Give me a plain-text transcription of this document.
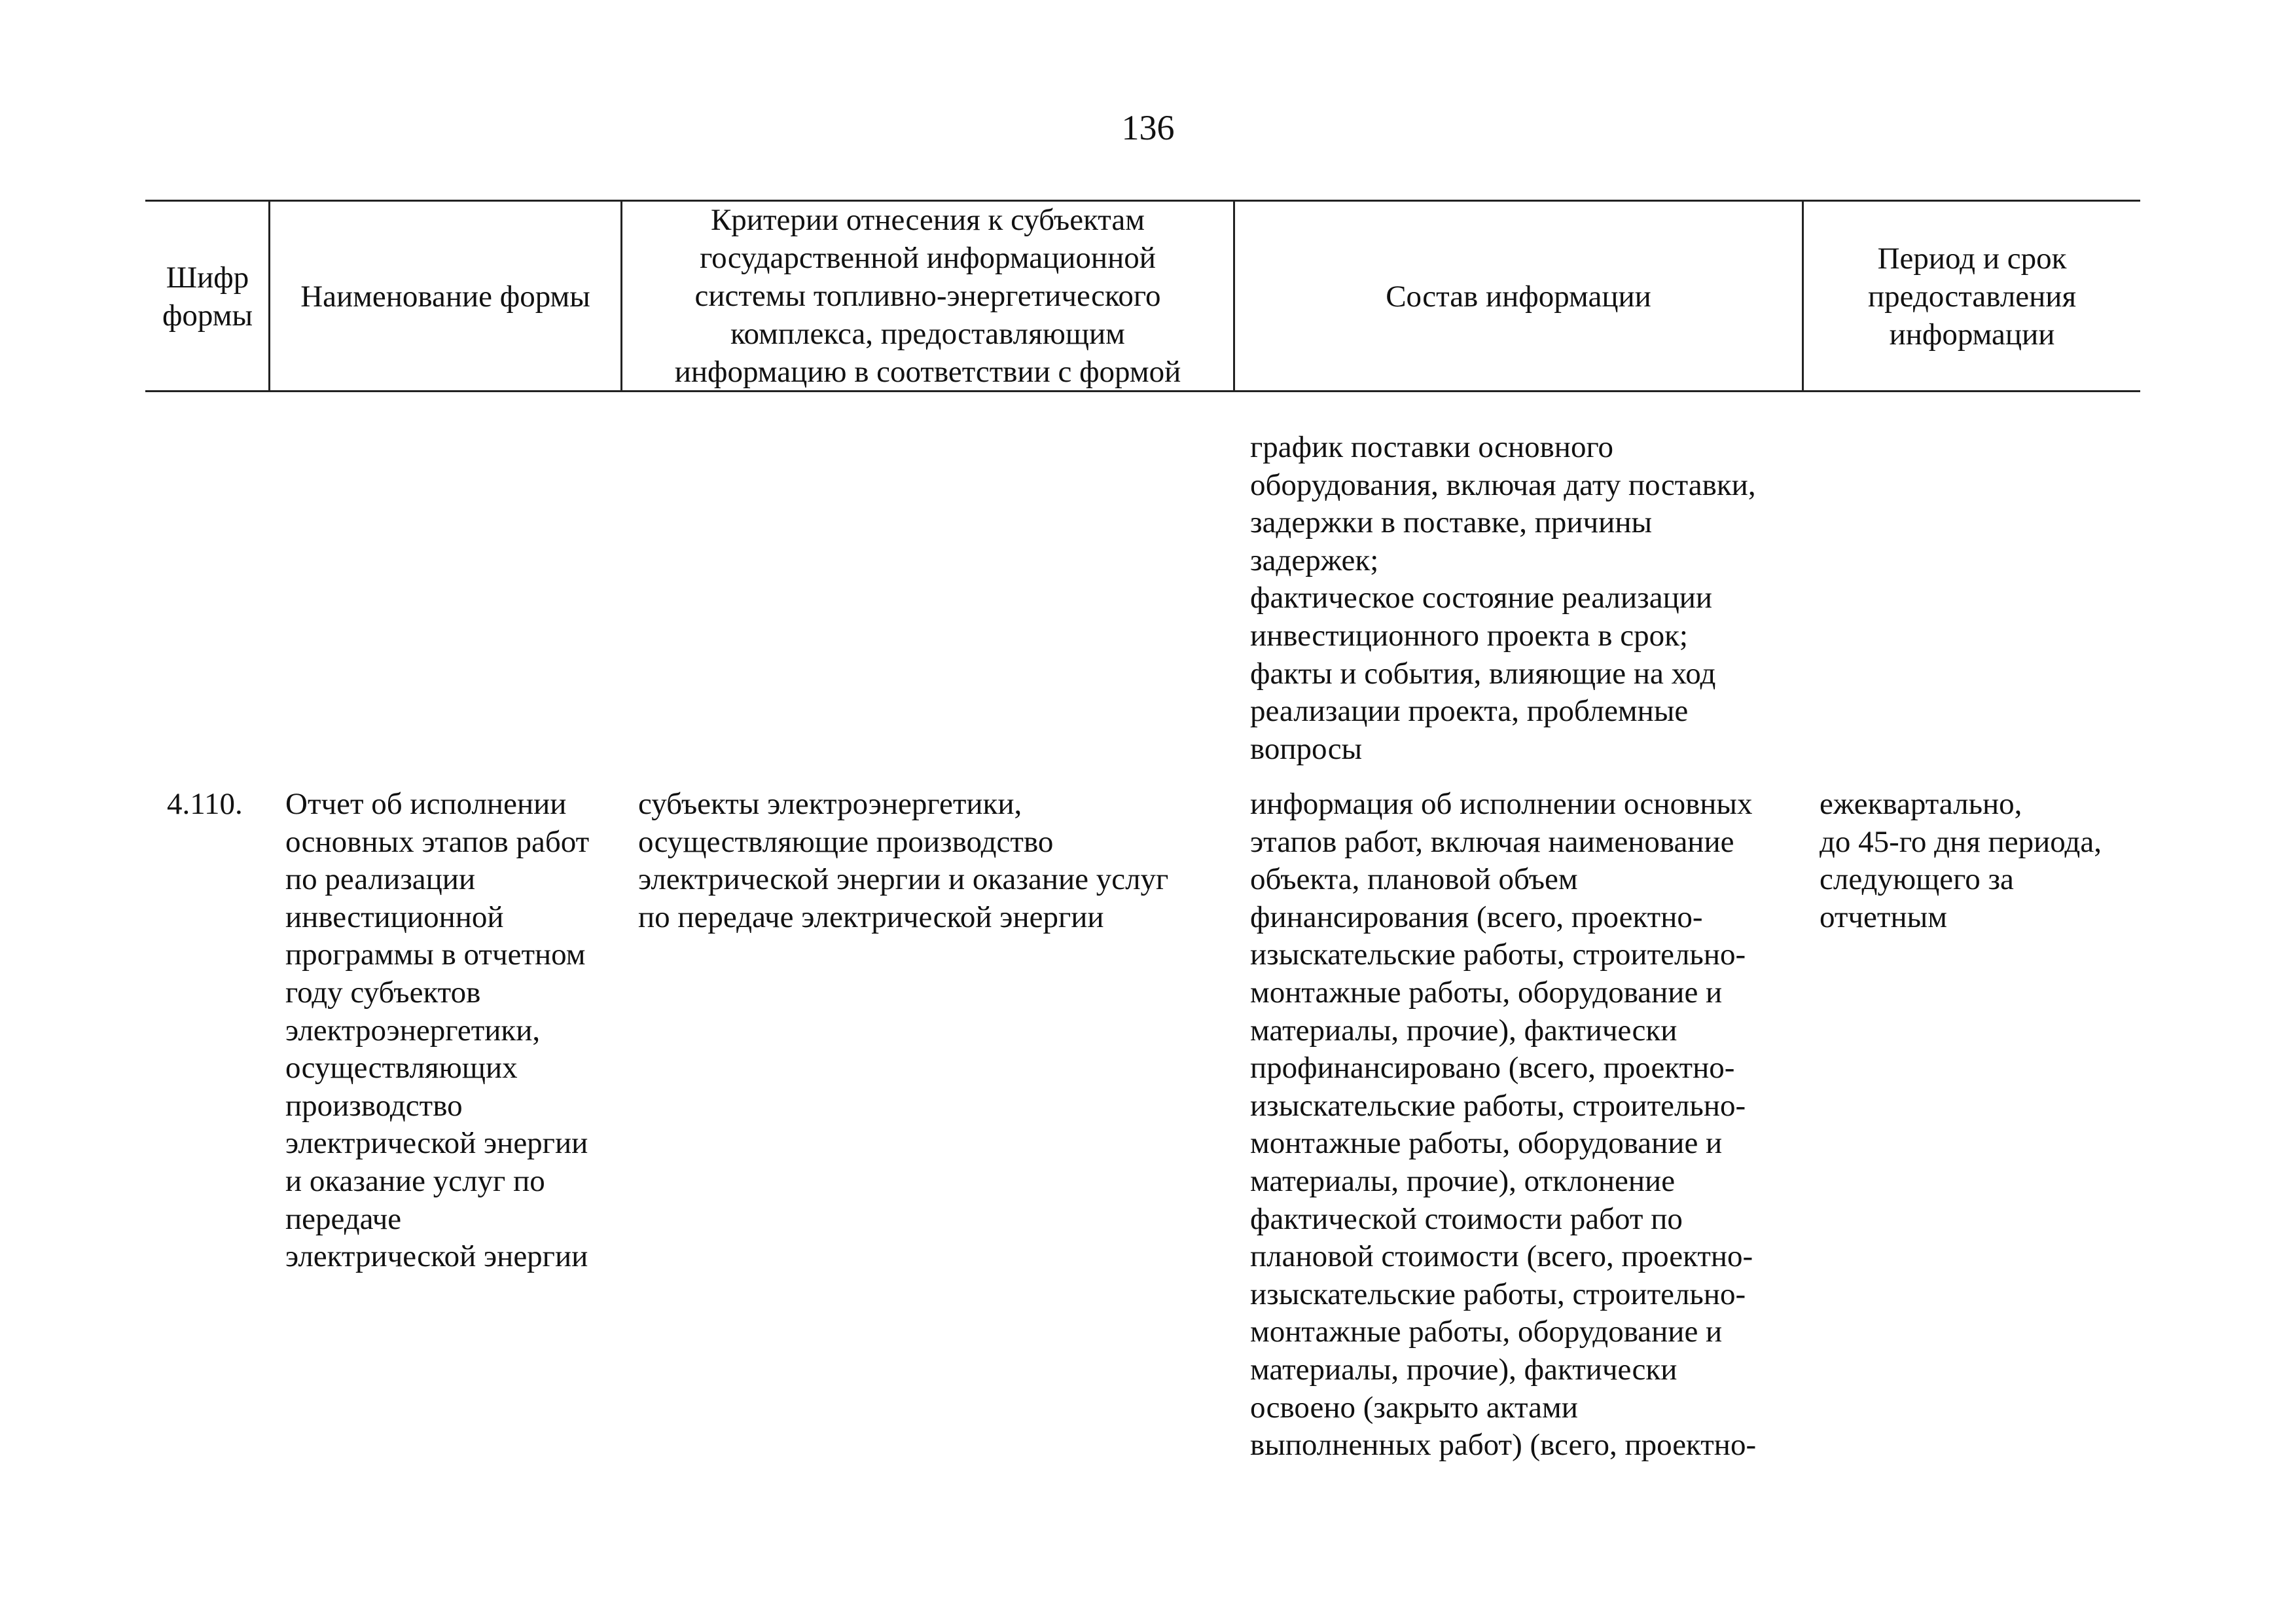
136
Шифр
формы
Наименование формы
Критерии отнесения к субъектам
государственной информационной
системы топливно-энергетического
комплекса, предоставляющим
информацию в соответствии с формой
Состав информации
Период и срок
предоставления
информации
график поставки основного
оборудования, включая дату поставки,
задержки в поставке, причины
задержек;
фактическое состояние реализации
инвестиционного проекта в срок;
факты и события, влияющие на ход
реализации проекта, проблемные
вопросы
4.110.	Отчет об исполнении
основных этапов работ
по реализации
инвестиционной
программы в отчетном
году субъектов
электроэнергетики,
осуществляющих
производство
электрической энергии
и оказание услуг по
передаче
электрической энергии
субъекты электроэнергетики,
осуществляющие производство
электрической энергии и оказание услуг
по передаче электрической энергии
информация об исполнении основных
этапов работ, включая наименование
объекта, плановой объем
финансирования (всего, проектно-
изыскательские работы, строительно-
монтажные работы, оборудование и
материалы, прочие), фактически
профинансировано (всего, проектно-
изыскательские работы, строительно-
монтажные работы, оборудование и
материалы, прочие), отклонение
фактической стоимости работ по
плановой стоимости (всего, проектно-
изыскательские работы, строительно-
монтажные работы, оборудование и
материалы, прочие), фактически
освоено (закрыто актами
выполненных работ) (всего, проектно-
ежеквартально,
до 45-го дня периода,
следующего за
отчетным
